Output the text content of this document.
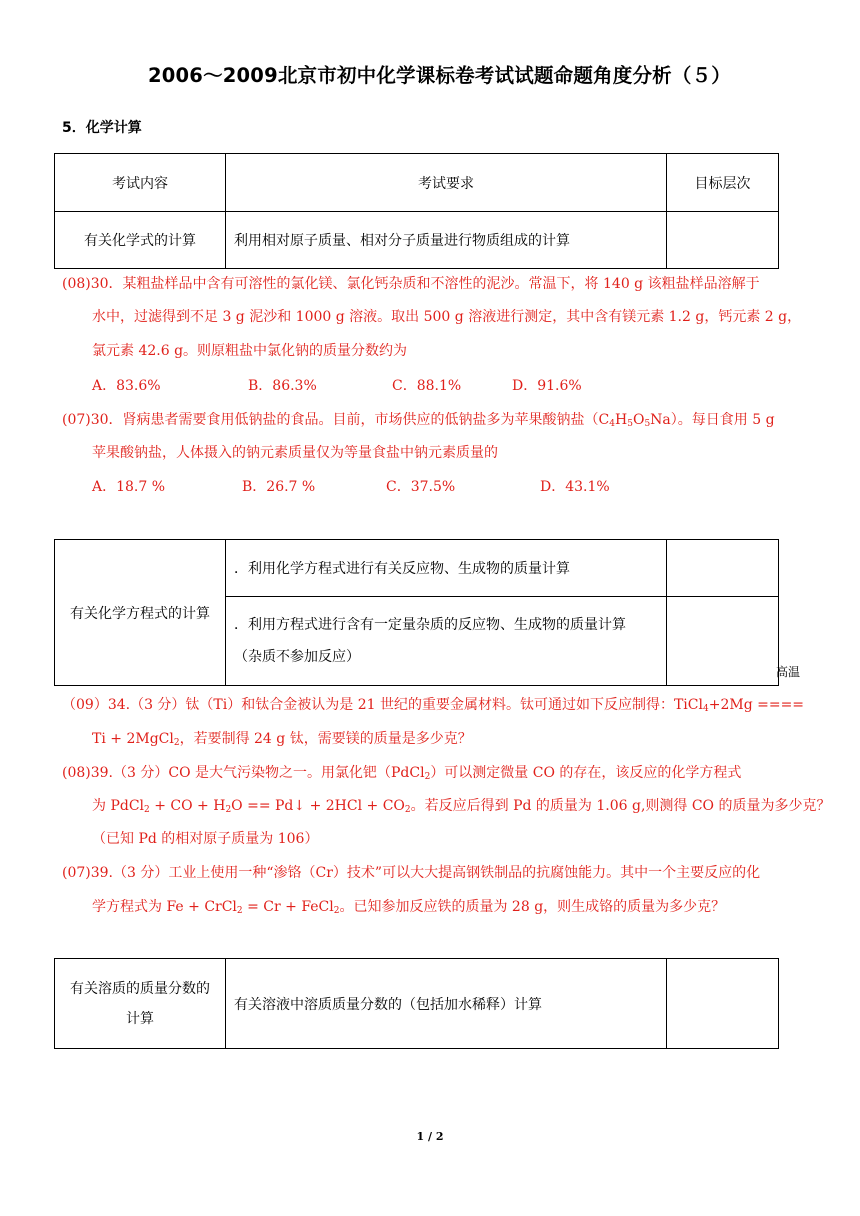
2006～2009北京市初中化学课标卷考试试题命题角度分析（５）
5．化学计算
考试内容	考试要求	目标层次
有关化学式的计算	利用相对原子质量、相对分子质量进行物质组成的计算	
(08)30．某粗盐样品中含有可溶性的氯化镁、氯化钙杂质和不溶性的泥沙。常温下，将 140 g 该粗盐样品溶解于
水中，过滤得到不足 3 g 泥沙和 1000 g 溶液。取出 500 g 溶液进行测定，其中含有镁元素 1.2 g，钙元素 2 g，
氯元素 42.6 g。则原粗盐中氯化钠的质量分数约为
A．83.6%	B．86.3%	C．88.1%	D．91.6%
(07)30．肾病患者需要食用低钠盐的食品。目前，市场供应的低钠盐多为苹果酸钠盐$(C_4H_5O_5Na)$。每日食用 5 g
苹果酸钠盐，人体摄入的钠元素质量仅为等量食盐中钠元素质量的
A．18.7 %	B．26.7 %	C．37.5%	D．43.1%
有关化学方程式的计算	．利用化学方程式进行有关反应物、生成物的质量计算	

	．利用方程式进行含有一定量杂质的反应物、生成物的质量计算
（杂质不参加反应）	

高温
（09）34.（3 分）钛（Ti）和钛合金被认为是 21 世纪的重要金属材料。钛可通过如下反应制得：TiCl$_4$+2Mg ====
Ti + 2MgCl$_2$，若要制得 24 g 钛，需要镁的质量是多少克？
(08)39.（3 分）CO 是大气污染物之一。用氯化钯（PdCl$_2$）可以测定微量 CO 的存在，该反应的化学方程式
为 PdCl$_2$ + CO + $H_2O$ == Pd↓ + $2HCl + CO_2$。若反应后得到 Pd 的质量为 1.06 g,则测得 CO 的质量为多少克？
（已知 Pd 的相对原子质量为 106）
(07)39.（3 分）工业上使用一种“渗铬（Cr）技术”可以大大提高钢铁制品的抗腐蚀能力。其中一个主要反应的化
学方程式为 Fe + CrCl$_2$ = Cr + FeCl$_2$。已知参加反应铁的质量为 28 g，则生成铬的质量为多少克？
有关溶质的质量分数的
计算
	有关溶液中溶质质量分数的（包括加水稀释）计算	
1 / 2
